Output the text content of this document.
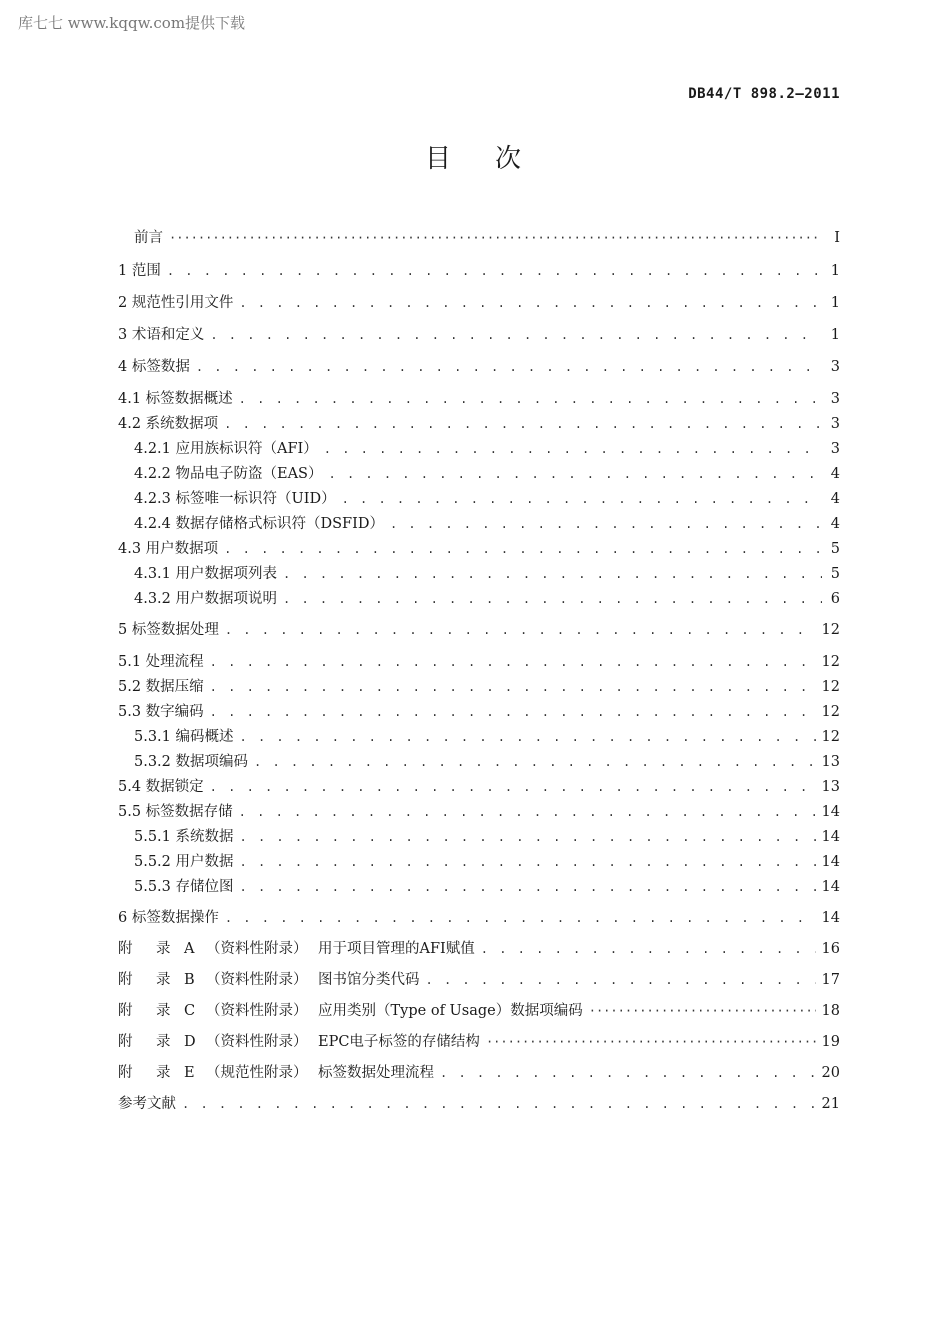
库七七 www.kqqw.com提供下载
DB44/T 898.2—2011
目次
前言 ·····	Ⅰ
1 范围 . . .	1
2 规范性引用文件 . . .	1
3 术语和定义 . . .	1
4 标签数据 . . .	3
4.1 标签数据概述 . . .	3
4.2 系统数据项 . . .	3
4.2.1 应用族标识符（AFI） . . .	3
4.2.2 物品电子防盗（EAS） . . .	4
4.2.3 标签唯一标识符（UID） . . .	4
4.2.4 数据存储格式标识符（DSFID） . . .	4
4.3 用户数据项 . . .	5
4.3.1 用户数据项列表 . . .	5
4.3.2 用户数据项说明 . . .	6
5 标签数据处理 . . .	12
5.1 处理流程 . . .	12
5.2 数据压缩 . . .	12
5.3 数字编码 . . .	12
5.3.1 编码概述 . . .	12
5.3.2 数据项编码 . . .	13
5.4 数据锁定 . . .	13
5.5 标签数据存储 . . .	14
5.5.1 系统数据 . . .	14
5.5.2 用户数据 . . .	14
5.5.3 存储位图 . . .	14
6 标签数据操作 . . .	14
附 录 A （资料性附录） 用于项目管理的AFI赋值 . . .	16
附 录 B （资料性附录） 图书馆分类代码 . . .	17
附 录 C （资料性附录） 应用类别（Type of Usage）数据项编码 ·····	18
附 录 D （资料性附录） EPC电子标签的存储结构 ·····	19
附 录 E （规范性附录） 标签数据处理流程 . . .	20
参考文献 . . .	21
